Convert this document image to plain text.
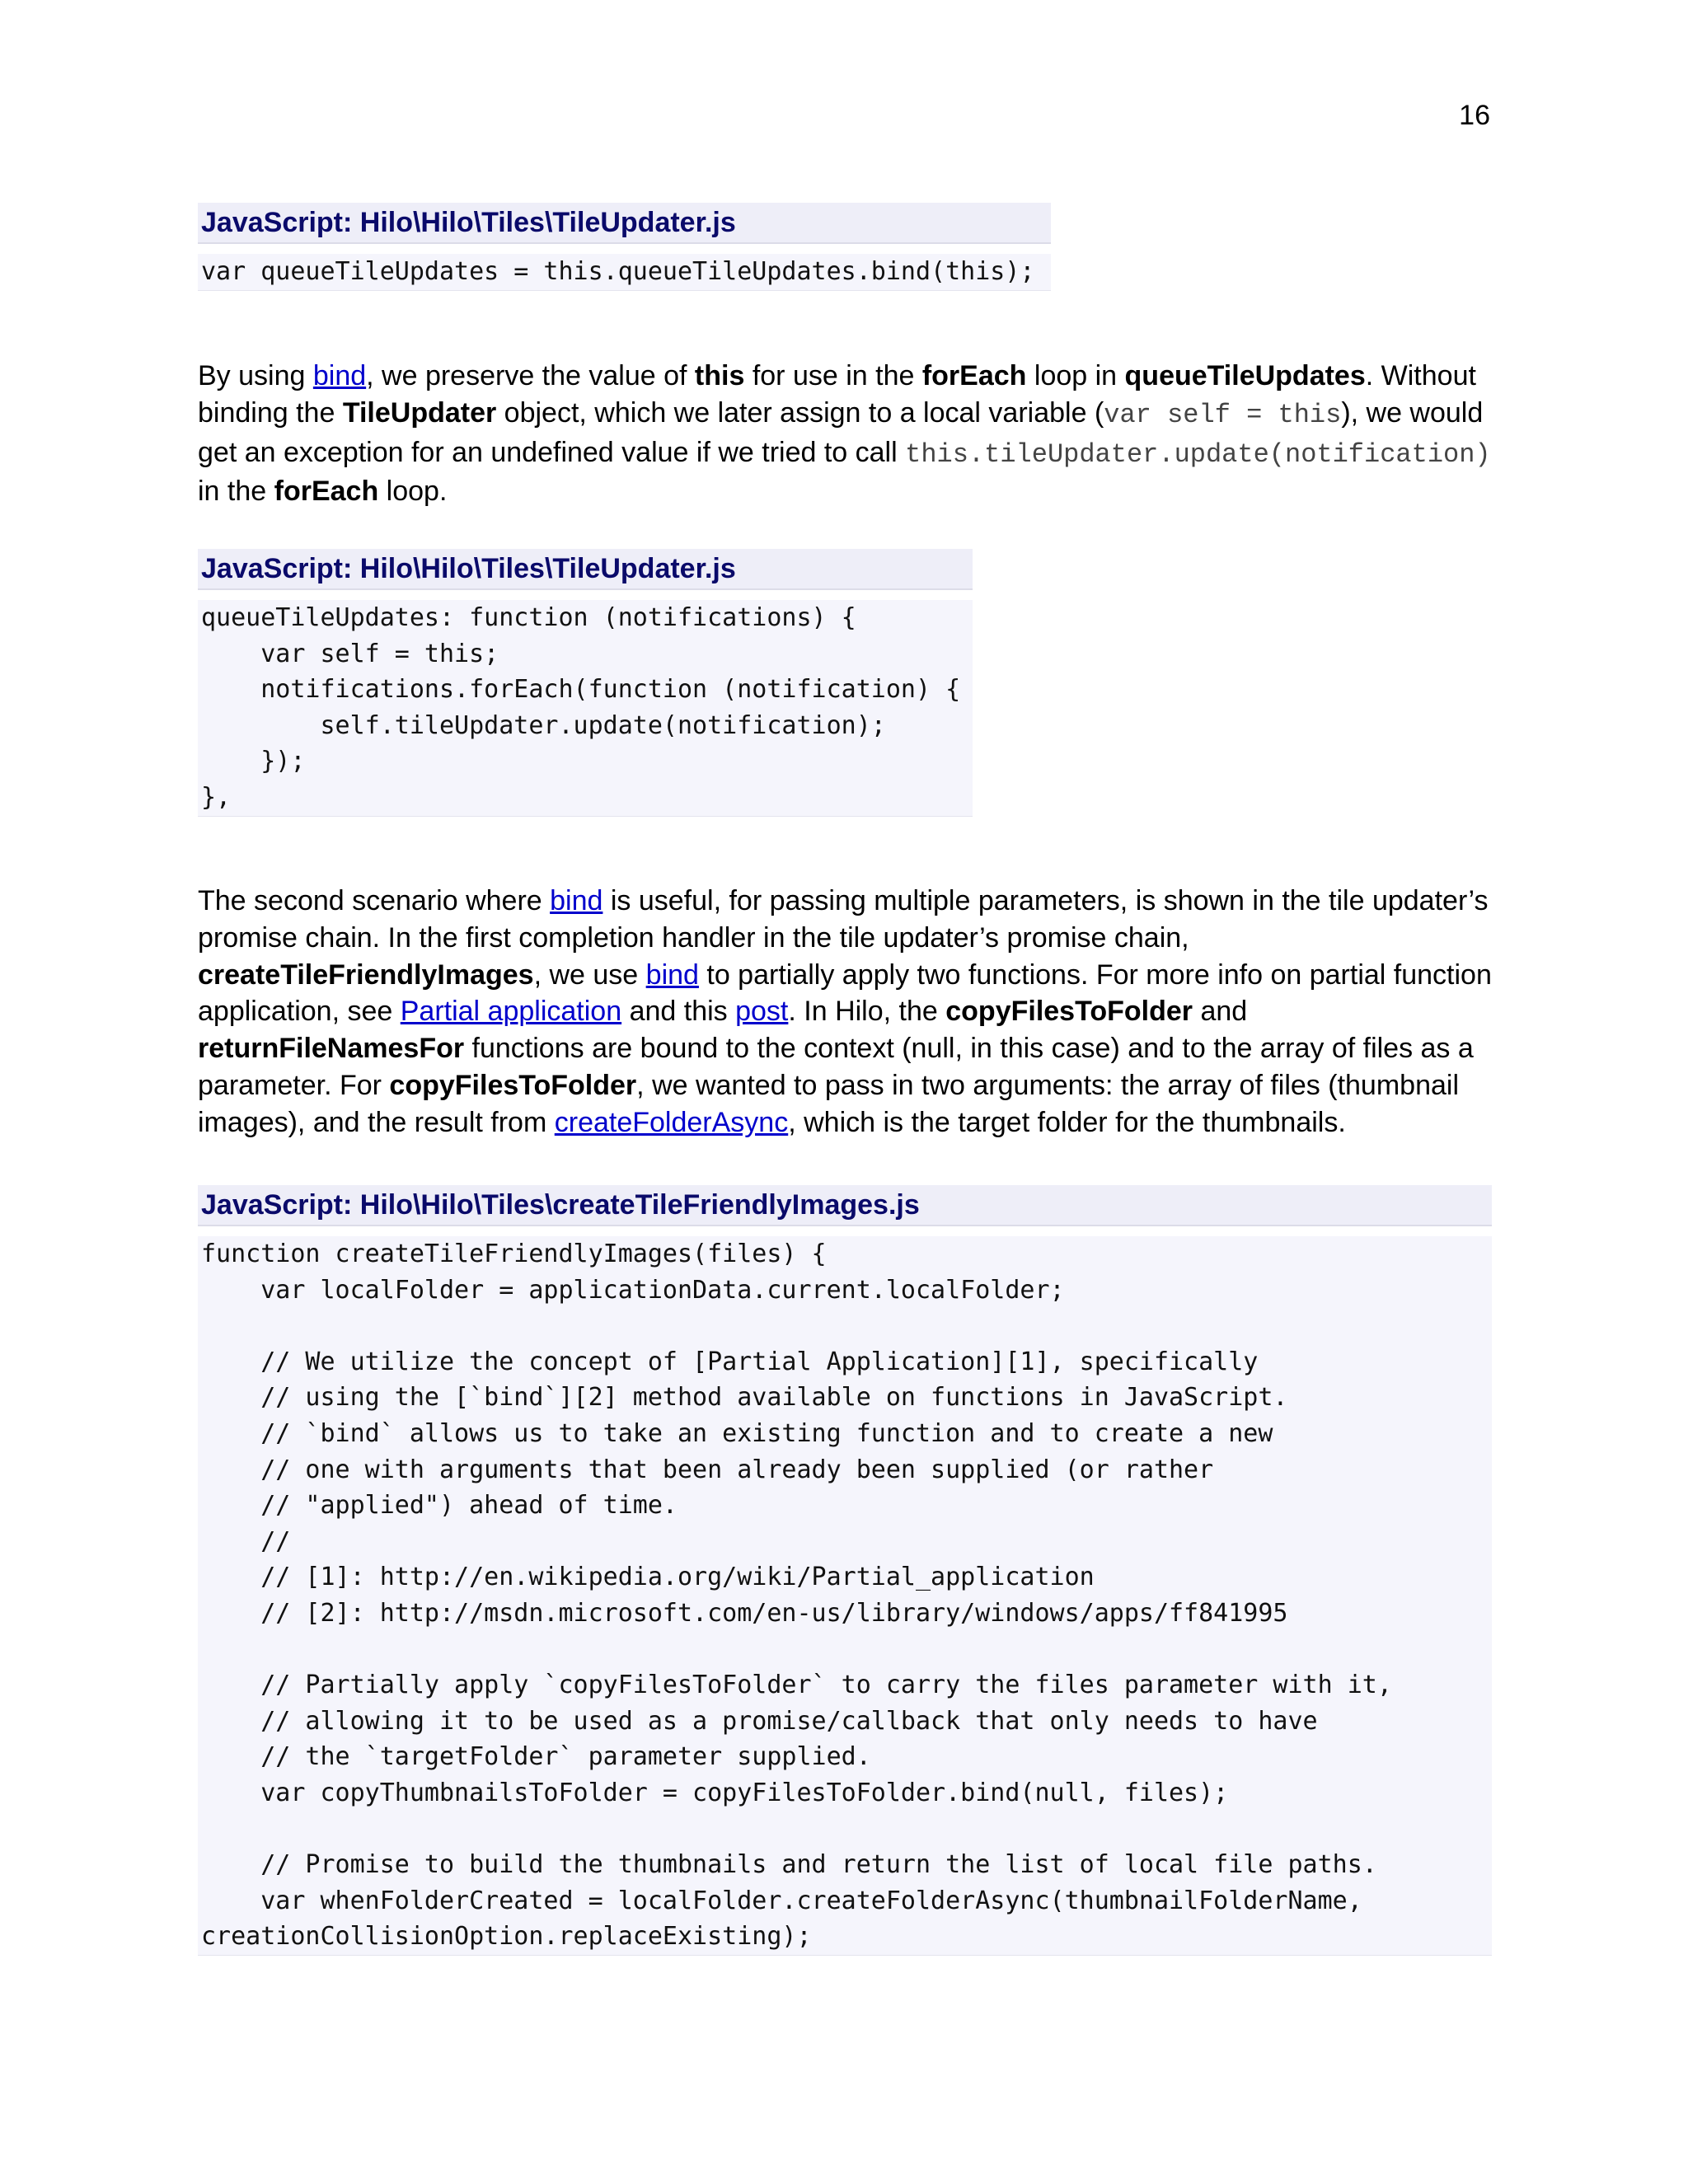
16
JavaScript: Hilo\Hilo\Tiles\TileUpdater.js
var queueTileUpdates = this.queueTileUpdates.bind(this);
By using bind, we preserve the value of this for use in the forEach loop in queueTileUpdates. Without binding the TileUpdater object, which we later assign to a local variable (var self = this), we would get an exception for an undefined value if we tried to call this.tileUpdater.update(notification) in the forEach loop.
JavaScript: Hilo\Hilo\Tiles\TileUpdater.js
queueTileUpdates: function (notifications) {
var self = this;
notifications.forEach(function (notification) {
self.tileUpdater.update(notification);
});
},
The second scenario where bind is useful, for passing multiple parameters, is shown in the tile updater’s promise chain. In the first completion handler in the tile updater’s promise chain, createTileFriendlyImages, we use bind to partially apply two functions. For more info on partial function application, see Partial application and this post. In Hilo, the copyFilesToFolder and returnFileNamesFor functions are bound to the context (null, in this case) and to the array of files as a parameter. For copyFilesToFolder, we wanted to pass in two arguments: the array of files (thumbnail images), and the result from createFolderAsync, which is the target folder for the thumbnails.
JavaScript: Hilo\Hilo\Tiles\createTileFriendlyImages.js
function createTileFriendlyImages(files) {
var localFolder = applicationData.current.localFolder;

// We utilize the concept of [Partial Application][1], specifically
// using the [`bind`][2] method available on functions in JavaScript.
// `bind` allows us to take an existing function and to create a new
// one with arguments that been already been supplied (or rather
// "applied") ahead of time.
//
// [1]: http://en.wikipedia.org/wiki/Partial_application
// [2]: http://msdn.microsoft.com/en-us/library/windows/apps/ff841995

// Partially apply `copyFilesToFolder` to carry the files parameter with it,
// allowing it to be used as a promise/callback that only needs to have
// the `targetFolder` parameter supplied.
var copyThumbnailsToFolder = copyFilesToFolder.bind(null, files);

// Promise to build the thumbnails and return the list of local file paths.
var whenFolderCreated = localFolder.createFolderAsync(thumbnailFolderName,
creationCollisionOption.replaceExisting);
